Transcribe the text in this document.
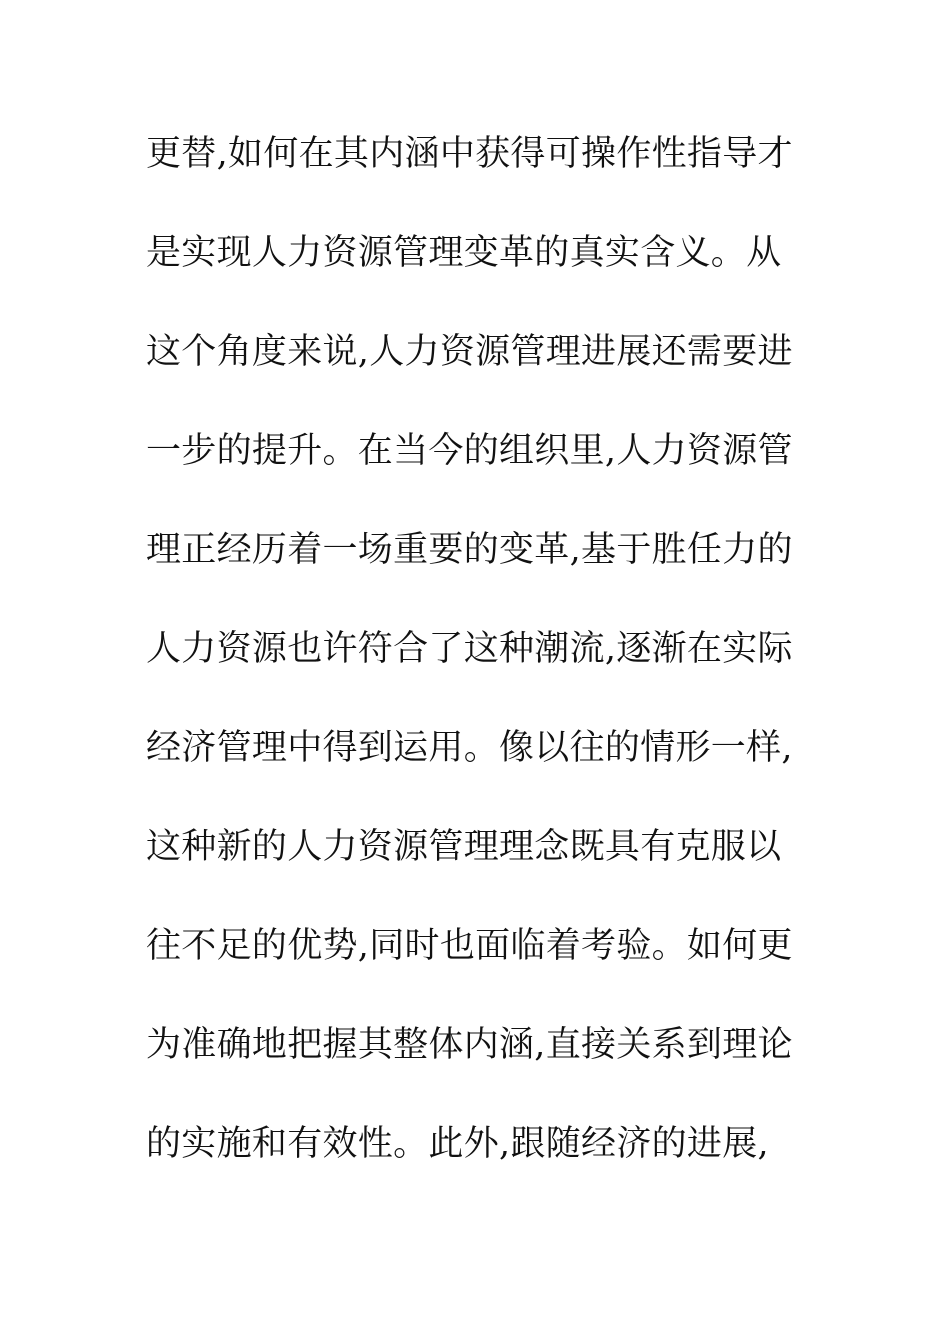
更替,如何在其内涵中获得可操作性指导才
是实现人力资源管理变革的真实含义。从
这个角度来说,人力资源管理进展还需要进
一步的提升。在当今的组织里,人力资源管
理正经历着一场重要的变革,基于胜任力的
人力资源也许符合了这种潮流,逐渐在实际
经济管理中得到运用。像以往的情形一样,
这种新的人力资源管理理念既具有克服以
往不足的优势,同时也面临着考验。如何更
为准确地把握其整体内涵,直接关系到理论
的实施和有效性。此外,跟随经济的进展,
